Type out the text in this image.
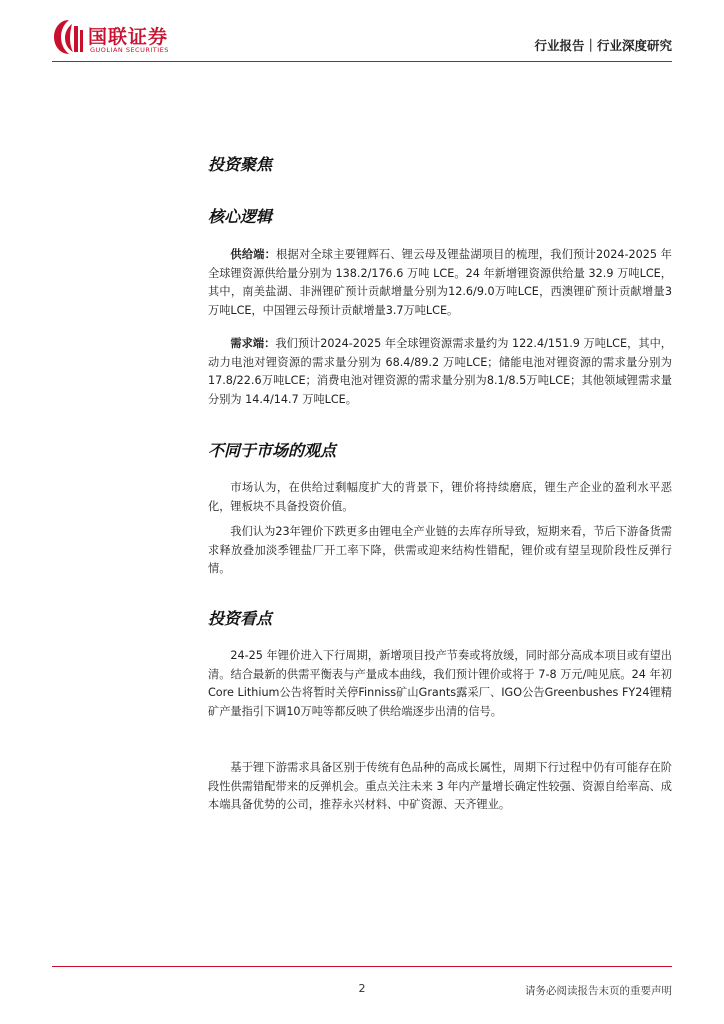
国联证券
GUOLIAN SECURITIES	行业报告｜行业深度研究
投资聚焦
核心逻辑

供给端：根据对全球主要锂辉石、锂云母及锂盐湖项目的梳理，我们预计2024-2025 年全球锂资源供给量分别为 138.2/176.6 万吨 LCE。24 年新增锂资源供给量 32.9 万吨LCE，其中，南美盐湖、非洲锂矿预计贡献增量分别为12.6/9.0万吨LCE，西澳锂矿预计贡献增量3万吨LCE，中国锂云母预计贡献增量3.7万吨LCE。

需求端：我们预计2024-2025 年全球锂资源需求量约为 122.4/151.9 万吨LCE，其中，动力电池对锂资源的需求量分别为 68.4/89.2 万吨LCE；储能电池对锂资源的需求量分别为17.8/22.6万吨LCE；消费电池对锂资源的需求量分别为8.1/8.5万吨LCE；其他领域锂需求量分别为 14.4/14.7 万吨LCE。

不同于市场的观点

市场认为，在供给过剩幅度扩大的背景下，锂价将持续磨底，锂生产企业的盈利水平恶化，锂板块不具备投资价值。

我们认为23年锂价下跌更多由锂电全产业链的去库存所导致，短期来看，节后下游备货需求释放叠加淡季锂盐厂开工率下降，供需或迎来结构性错配，锂价或有望呈现阶段性反弹行情。

投资看点

24-25 年锂价进入下行周期，新增项目投产节奏或将放缓，同时部分高成本项目或有望出清。结合最新的供需平衡表与产量成本曲线，我们预计锂价或将于 7-8 万元/吨见底。24 年初Core Lithium公告将暂时关停Finniss矿山Grants露采厂、IGO公告Greenbushes FY24锂精矿产量指引下调10万吨等都反映了供给端逐步出清的信号。

基于锂下游需求具备区别于传统有色品种的高成长属性，周期下行过程中仍有可能存在阶段性供需错配带来的反弹机会。重点关注未来 3 年内产量增长确定性较强、资源自给率高、成本端具备优势的公司，推荐永兴材料、中矿资源、天齐锂业。

2	请务必阅读报告末页的重要声明
